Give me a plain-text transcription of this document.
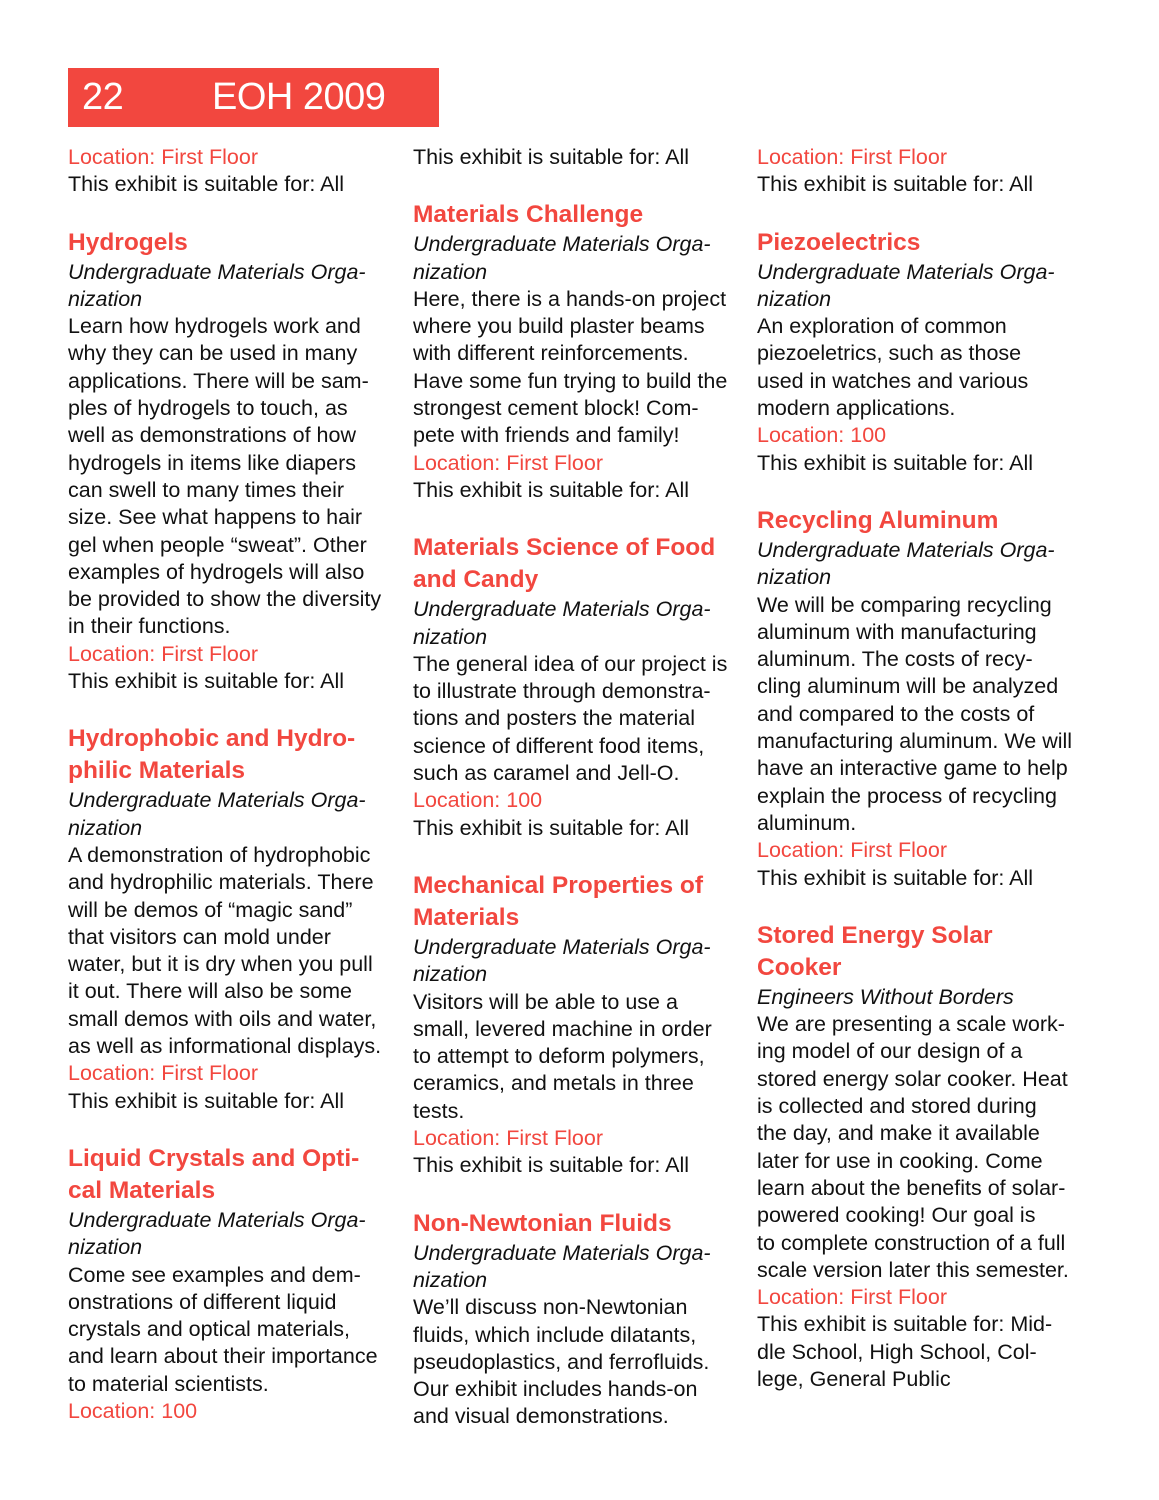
22 EOH 2009

Location: First Floor

This exhibit is suitable for: All

Hydrogels

Undergraduate Materials Orga-
nization

Learn how hydrogels work and
why they can be used in many
applications. There will be sam-
ples of hydrogels to touch, as
well as demonstrations of how
hydrogels in items like diapers
can swell to many times their
size. See what happens to hair
gel when people “sweat”. Other
examples of hydrogels will also
be provided to show the diversity
in their functions.

Location: First Floor

This exhibit is suitable for: All

Hydrophobic and Hydro-
philic Materials

Undergraduate Materials Orga-
nization

A demonstration of hydrophobic
and hydrophilic materials. There
will be demos of “magic sand”
that visitors can mold under
water, but it is dry when you pull
it out. There will also be some
small demos with oils and water,
as well as informational displays.

Location: First Floor

This exhibit is suitable for: All

Liquid Crystals and Opti-
cal Materials

Undergraduate Materials Orga-
nization

Come see examples and dem-
onstrations of different liquid
crystals and optical materials,
and learn about their importance
to material scientists.

Location: 100

This exhibit is suitable for: All

Materials Challenge

Undergraduate Materials Orga-
nization

Here, there is a hands-on project
where you build plaster beams
with different reinforcements.
Have some fun trying to build the
strongest cement block! Com-
pete with friends and family!

Location: First Floor

This exhibit is suitable for: All

Materials Science of Food
and Candy

Undergraduate Materials Orga-
nization

The general idea of our project is
to illustrate through demonstra-
tions and posters the material
science of different food items,
such as caramel and Jell-O.

Location: 100

This exhibit is suitable for: All

Mechanical Properties of
Materials

Undergraduate Materials Orga-
nization

Visitors will be able to use a
small, levered machine in order
to attempt to deform polymers,
ceramics, and metals in three
tests.

Location: First Floor

This exhibit is suitable for: All

Non-Newtonian Fluids

Undergraduate Materials Orga-
nization

We’ll discuss non-Newtonian
fluids, which include dilatants,
pseudoplastics, and ferrofluids.
Our exhibit includes hands-on
and visual demonstrations.

Location: First Floor

This exhibit is suitable for: All

Piezoelectrics

Undergraduate Materials Orga-
nization

An exploration of common
piezoeletrics, such as those
used in watches and various
modern applications.

Location: 100

This exhibit is suitable for: All

Recycling Aluminum

Undergraduate Materials Orga-
nization

We will be comparing recycling
aluminum with manufacturing
aluminum. The costs of recy-
cling aluminum will be analyzed
and compared to the costs of
manufacturing aluminum. We will
have an interactive game to help
explain the process of recycling
aluminum.

Location: First Floor

This exhibit is suitable for: All

Stored Energy Solar
Cooker

Engineers Without Borders

We are presenting a scale work-
ing model of our design of a
stored energy solar cooker. Heat
is collected and stored during
the day, and make it available
later for use in cooking. Come
learn about the benefits of solar-
powered cooking! Our goal is
to complete construction of a full
scale version later this semester.

Location: First Floor

This exhibit is suitable for: Mid-
dle School, High School, Col-
lege, General Public
